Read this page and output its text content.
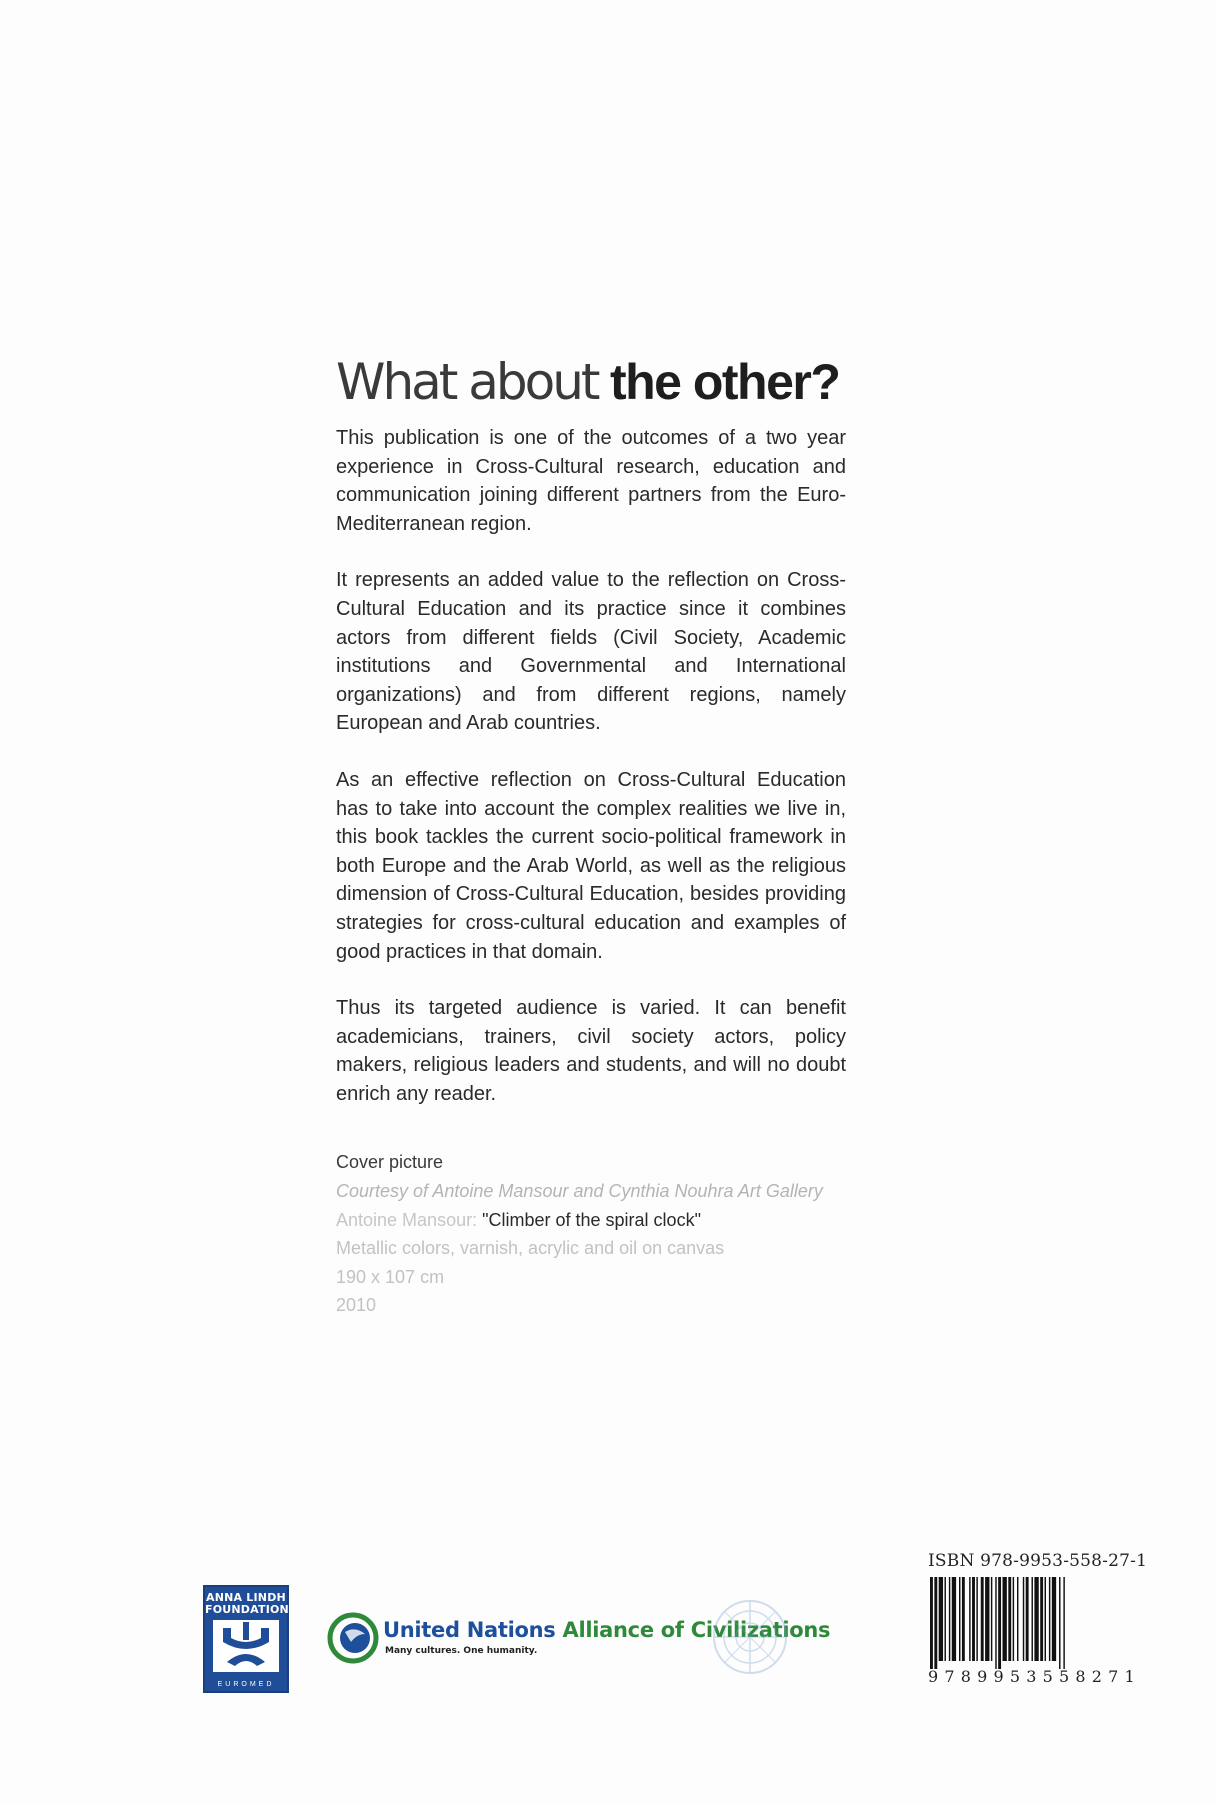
What about the other?

This publication is one of the outcomes of a two year experience in Cross-Cultural research, education and communication joining different partners from the Euro-Mediterranean region.

It represents an added value to the reflection on Cross-Cultural Education and its practice since it combines actors from different fields (Civil Society, Academic institutions and Governmental and International organizations) and from different regions, namely European and Arab countries.

As an effective reflection on Cross-Cultural Education has to take into account the complex realities we live in, this book tackles the current socio-political framework in both Europe and the Arab World, as well as the religious dimension of Cross-Cultural Education, besides providing strategies for cross-cultural education and examples of good practices in that domain.

Thus its targeted audience is varied. It can benefit academicians, trainers, civil society actors, policy makers, religious leaders and students, and will no doubt enrich any reader.

Cover picture
Courtesy of Antoine Mansour and Cynthia Nouhra Art Gallery
Antoine Mansour: "Climber of the spiral clock"
Metallic colors, varnish, acrylic and oil on canvas
190 x 107 cm
2010
ANNA LINDH
FOUNDATION
EUROMED
United Nations Alliance of Civilizations
Many cultures. One humanity.
ISBN 978-9953-558-27-1
9789953558271
